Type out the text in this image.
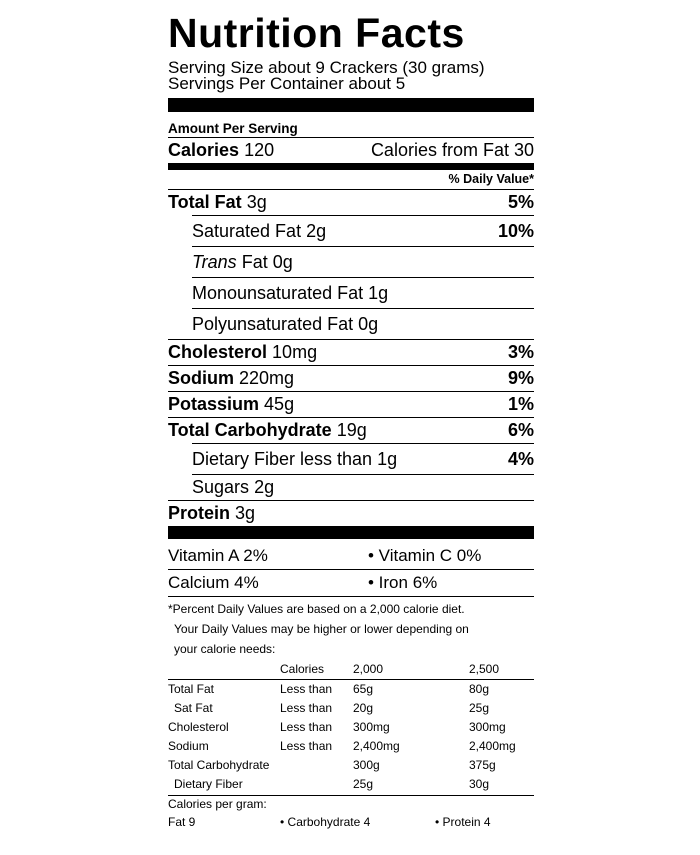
Nutrition Facts
Serving Size about 9 Crackers (30 grams)
Servings Per Container about 5
Amount Per Serving
Calories 120	Calories from Fat 30
% Daily Value*
Total Fat 3g	5%
Saturated Fat 2g	10%
Trans Fat 0g
Monounsaturated Fat 1g
Polyunsaturated Fat 0g
Cholesterol 10mg	3%
Sodium 220mg	9%
Potassium 45g	1%
Total Carbohydrate 19g	6%
Dietary Fiber less than 1g	4%
Sugars 2g
Protein 3g
Vitamin A 2%	• Vitamin C 0%
Calcium 4%	• Iron 6%
*Percent Daily Values are based on a 2,000 calorie diet.
Your Daily Values may be higher or lower depending on
your calorie needs:
	Calories	2,000	2,500
Total Fat	Less than	65g	80g
Sat Fat	Less than	20g	25g
Cholesterol	Less than	300mg	300mg
Sodium	Less than	2,400mg	2,400mg
Total Carbohydrate		300g	375g
Dietary Fiber		25g	30g
Calories per gram:
Fat 9	• Carbohydrate 4	• Protein 4
